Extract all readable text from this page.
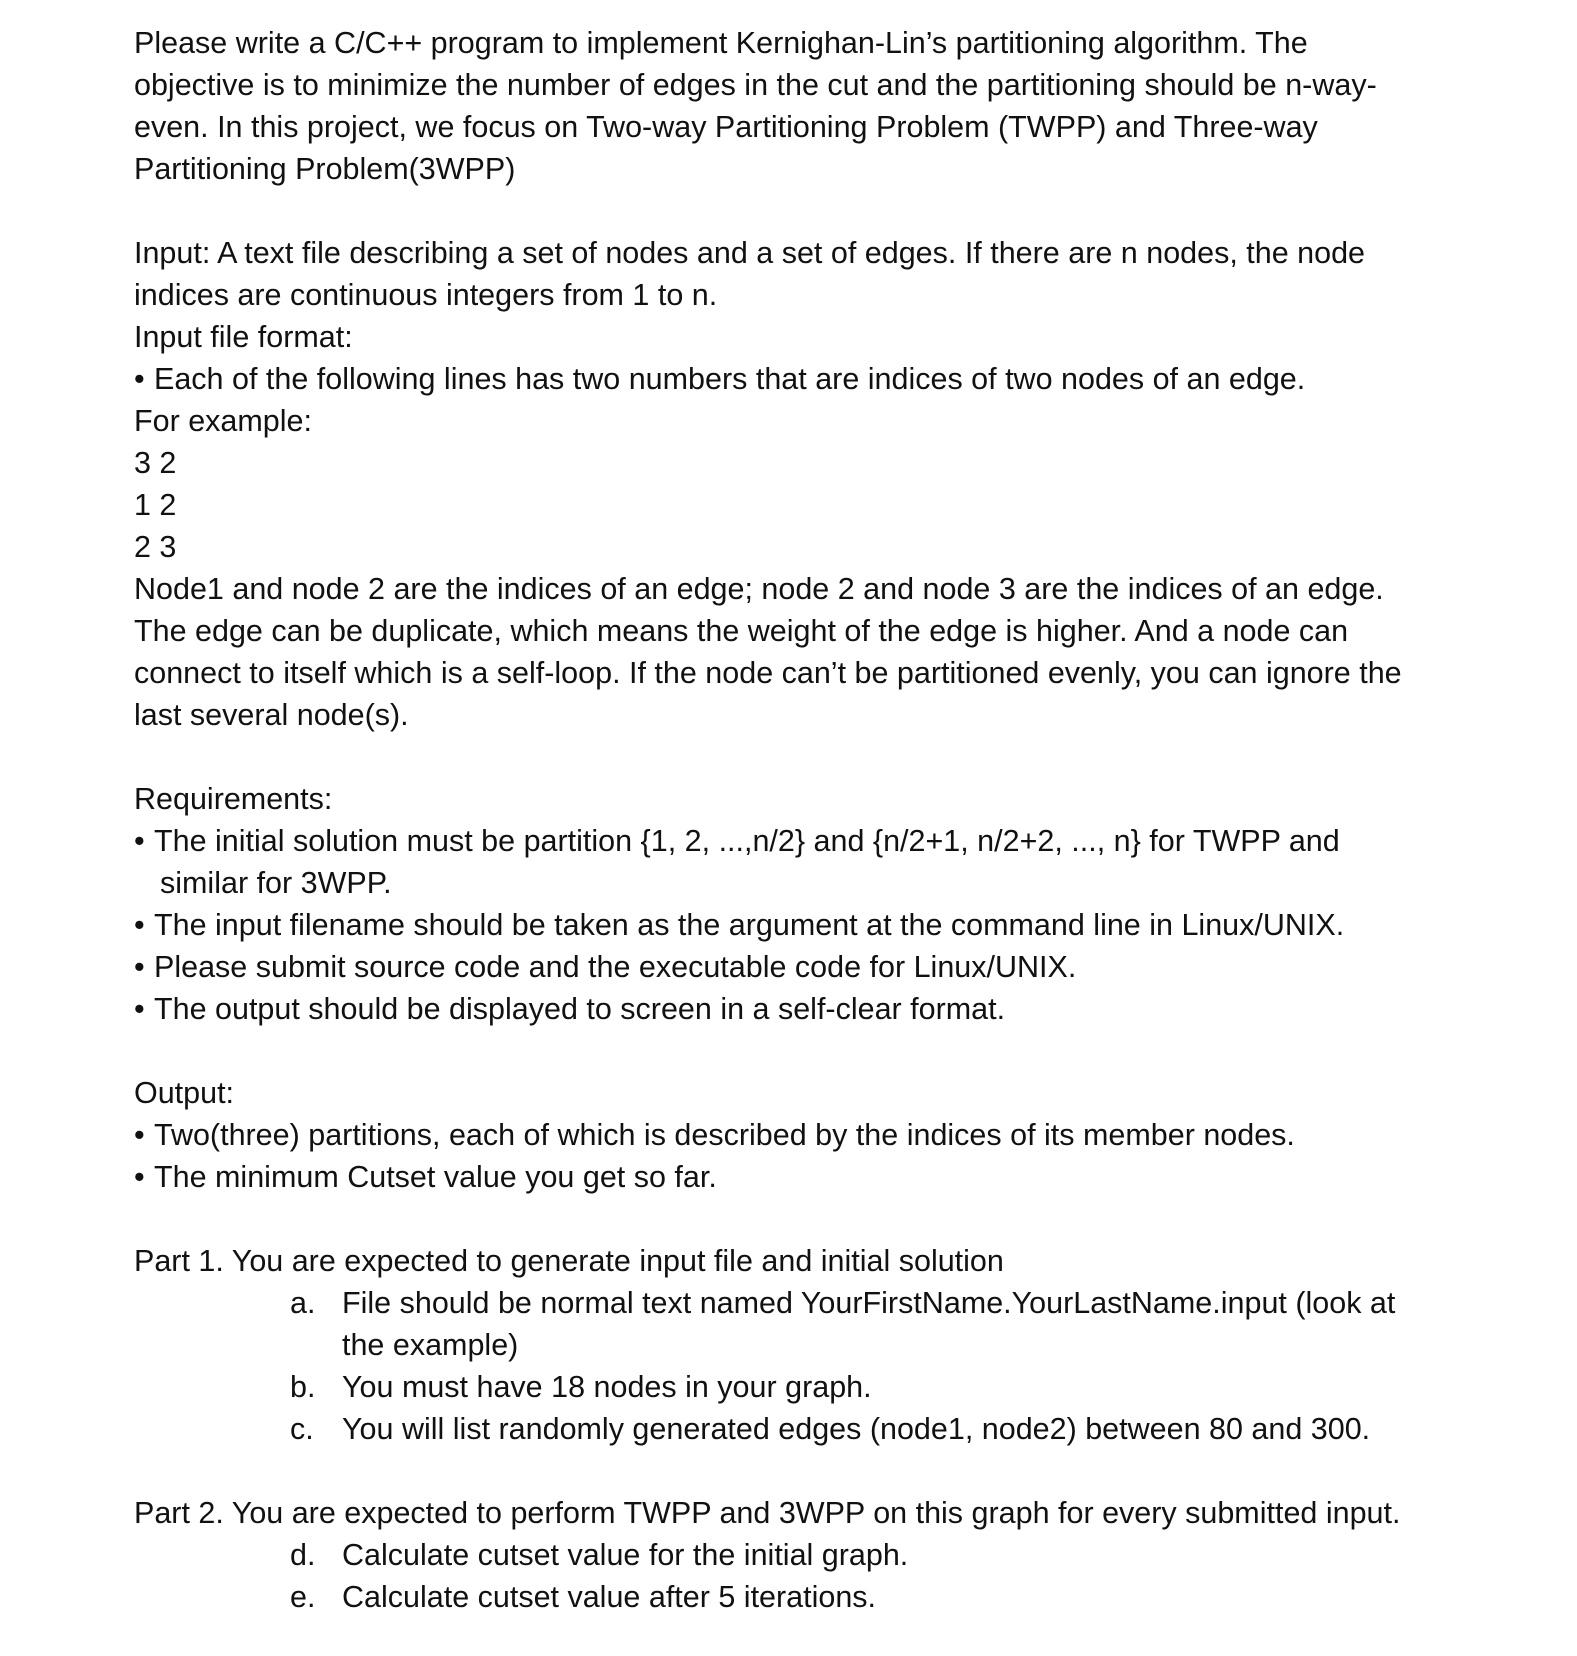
Please write a C/C++ program to implement Kernighan-Lin’s partitioning algorithm. The
objective is to minimize the number of edges in the cut and the partitioning should be n-way-
even. In this project, we focus on Two-way Partitioning Problem (TWPP) and Three-way
Partitioning Problem(3WPP)
Input: A text file describing a set of nodes and a set of edges. If there are n nodes, the node
indices are continuous integers from 1 to n.
Input file format:
• Each of the following lines has two numbers that are indices of two nodes of an edge.
For example:
3 2
1 2
2 3
Node1 and node 2 are the indices of an edge; node 2 and node 3 are the indices of an edge.
The edge can be duplicate, which means the weight of the edge is higher. And a node can
connect to itself which is a self-loop. If the node can’t be partitioned evenly, you can ignore the
last several node(s).
Requirements:
• The initial solution must be partition {1, 2, ...,n/2} and {n/2+1, n/2+2, ..., n} for TWPP and
similar for 3WPP.
• The input filename should be taken as the argument at the command line in Linux/UNIX.
• Please submit source code and the executable code for Linux/UNIX.
• The output should be displayed to screen in a self-clear format.
Output:
• Two(three) partitions, each of which is described by the indices of its member nodes.
• The minimum Cutset value you get so far.
Part 1. You are expected to generate input file and initial solution
a. File should be normal text named YourFirstName.YourLastName.input (look at
the example)
b. You must have 18 nodes in your graph.
c. You will list randomly generated edges (node1, node2) between 80 and 300.
Part 2. You are expected to perform TWPP and 3WPP on this graph for every submitted input.
d. Calculate cutset value for the initial graph.
e. Calculate cutset value after 5 iterations.
